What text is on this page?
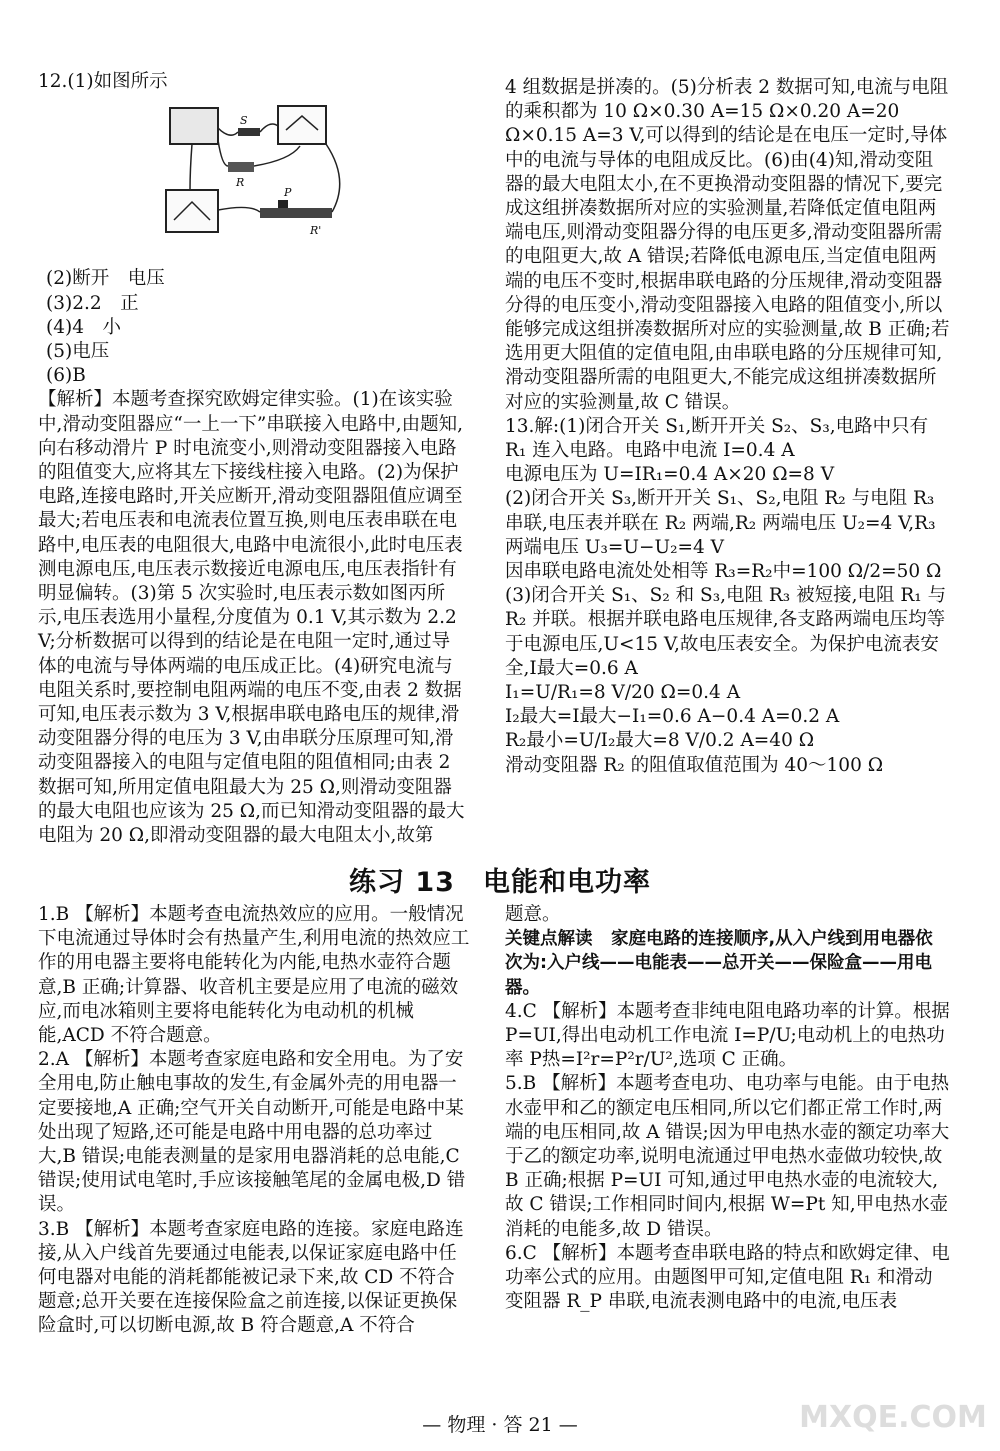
12.(1)如图所示

S
R
P
R'

(2)断开　电压

(3)2.2　正

(4)4　小

(5)电压

(6)B

【解析】本题考查探究欧姆定律实验。(1)在该实验中,滑动变阻器应“一上一下”串联接入电路中,由题知,向右移动滑片 P 时电流变小,则滑动变阻器接入电路的阻值变大,应将其左下接线柱接入电路。(2)为保护电路,连接电路时,开关应断开,滑动变阻器阻值应调至最大;若电压表和电流表位置互换,则电压表串联在电路中,电压表的电阻很大,电路中电流很小,此时电压表测电源电压,电压表示数接近电源电压,电压表指针有明显偏转。(3)第 5 次实验时,电压表示数如图丙所示,电压表选用小量程,分度值为 0.1 V,其示数为 2.2 V;分析数据可以得到的结论是在电阻一定时,通过导体的电流与导体两端的电压成正比。(4)研究电流与电阻关系时,要控制电阻两端的电压不变,由表 2 数据可知,电压表示数为 3 V,根据串联电路电压的规律,滑动变阻器分得的电压为 3 V,由串联分压原理可知,滑动变阻器接入的电阻与定值电阻的阻值相同;由表 2 数据可知,所用定值电阻最大为 25 Ω,则滑动变阻器的最大电阻也应该为 25 Ω,而已知滑动变阻器的最大电阻为 20 Ω,即滑动变阻器的最大电阻太小,故第

4 组数据是拼凑的。(5)分析表 2 数据可知,电流与电阻的乘积都为 10 Ω×0.30 A=15 Ω×0.20 A=20 Ω×0.15 A=3 V,可以得到的结论是在电压一定时,导体中的电流与导体的电阻成反比。(6)由(4)知,滑动变阻器的最大电阻太小,在不更换滑动变阻器的情况下,要完成这组拼凑数据所对应的实验测量,若降低定值电阻两端电压,则滑动变阻器分得的电压更多,滑动变阻器所需的电阻更大,故 A 错误;若降低电源电压,当定值电阻两端的电压不变时,根据串联电路的分压规律,滑动变阻器分得的电压变小,滑动变阻器接入电路的阻值变小,所以能够完成这组拼凑数据所对应的实验测量,故 B 正确;若选用更大阻值的定值电阻,由串联电路的分压规律可知,滑动变阻器所需的电阻更大,不能完成这组拼凑数据所对应的实验测量,故 C 错误。

13.解:(1)闭合开关 S₁,断开开关 S₂、S₃,电路中只有 R₁ 连入电路。电路中电流 I=0.4 A

电源电压为 U=IR₁=0.4 A×20 Ω=8 V

(2)闭合开关 S₃,断开开关 S₁、S₂,电阻 R₂ 与电阻 R₃ 串联,电压表并联在 R₂ 两端,R₂ 两端电压 U₂=4 V,R₃ 两端电压 U₃=U−U₂=4 V

因串联电路电流处处相等 R₃=R₂中=100 Ω/2=50 Ω

(3)闭合开关 S₁、S₂ 和 S₃,电阻 R₃ 被短接,电阻 R₁ 与 R₂ 并联。根据并联电路电压规律,各支路两端电压均等于电源电压,U<15 V,故电压表安全。为保护电流表安全,I最大=0.6 A

I₁=U/R₁=8 V/20 Ω=0.4 A

I₂最大=I最大−I₁=0.6 A−0.4 A=0.2 A

R₂最小=U/I₂最大=8 V/0.2 A=40 Ω

滑动变阻器 R₂ 的阻值取值范围为 40～100 Ω

练习 13　电能和电功率

1.B 【解析】本题考查电流热效应的应用。一般情况下电流通过导体时会有热量产生,利用电流的热效应工作的用电器主要将电能转化为内能,电热水壶符合题意,B 正确;计算器、收音机主要是应用了电流的磁效应,而电冰箱则主要将电能转化为电动机的机械能,ACD 不符合题意。

2.A 【解析】本题考查家庭电路和安全用电。为了安全用电,防止触电事故的发生,有金属外壳的用电器一定要接地,A 正确;空气开关自动断开,可能是电路中某处出现了短路,还可能是电路中用电器的总功率过大,B 错误;电能表测量的是家用电器消耗的总电能,C 错误;使用试电笔时,手应该接触笔尾的金属电极,D 错误。

3.B 【解析】本题考查家庭电路的连接。家庭电路连接,从入户线首先要通过电能表,以保证家庭电路中任何电器对电能的消耗都能被记录下来,故 CD 不符合题意;总开关要在连接保险盒之前连接,以保证更换保险盒时,可以切断电源,故 B 符合题意,A 不符合

题意。

关键点解读　 家庭电路的连接顺序,从入户线到用电器依次为:入户线——电能表——总开关——保险盒——用电器。

4.C 【解析】本题考查非纯电阻电路功率的计算。根据 P=UI,得出电动机工作电流 I=P/U;电动机上的电热功率 P热=I²r=P²r/U²,选项 C 正确。

5.B 【解析】本题考查电功、电功率与电能。由于电热水壶甲和乙的额定电压相同,所以它们都正常工作时,两端的电压相同,故 A 错误;因为甲电热水壶的额定功率大于乙的额定功率,说明电流通过甲电热水壶做功较快,故 B 正确;根据 P=UI 可知,通过甲电热水壶的电流较大,故 C 错误;工作相同时间内,根据 W=Pt 知,甲电热水壶消耗的电能多,故 D 错误。

6.C 【解析】本题考查串联电路的特点和欧姆定律、电功率公式的应用。由题图甲可知,定值电阻 R₁ 和滑动变阻器 R_P 串联,电流表测电路中的电流,电压表

— 物理 · 答 21 —	MXQE.COM
